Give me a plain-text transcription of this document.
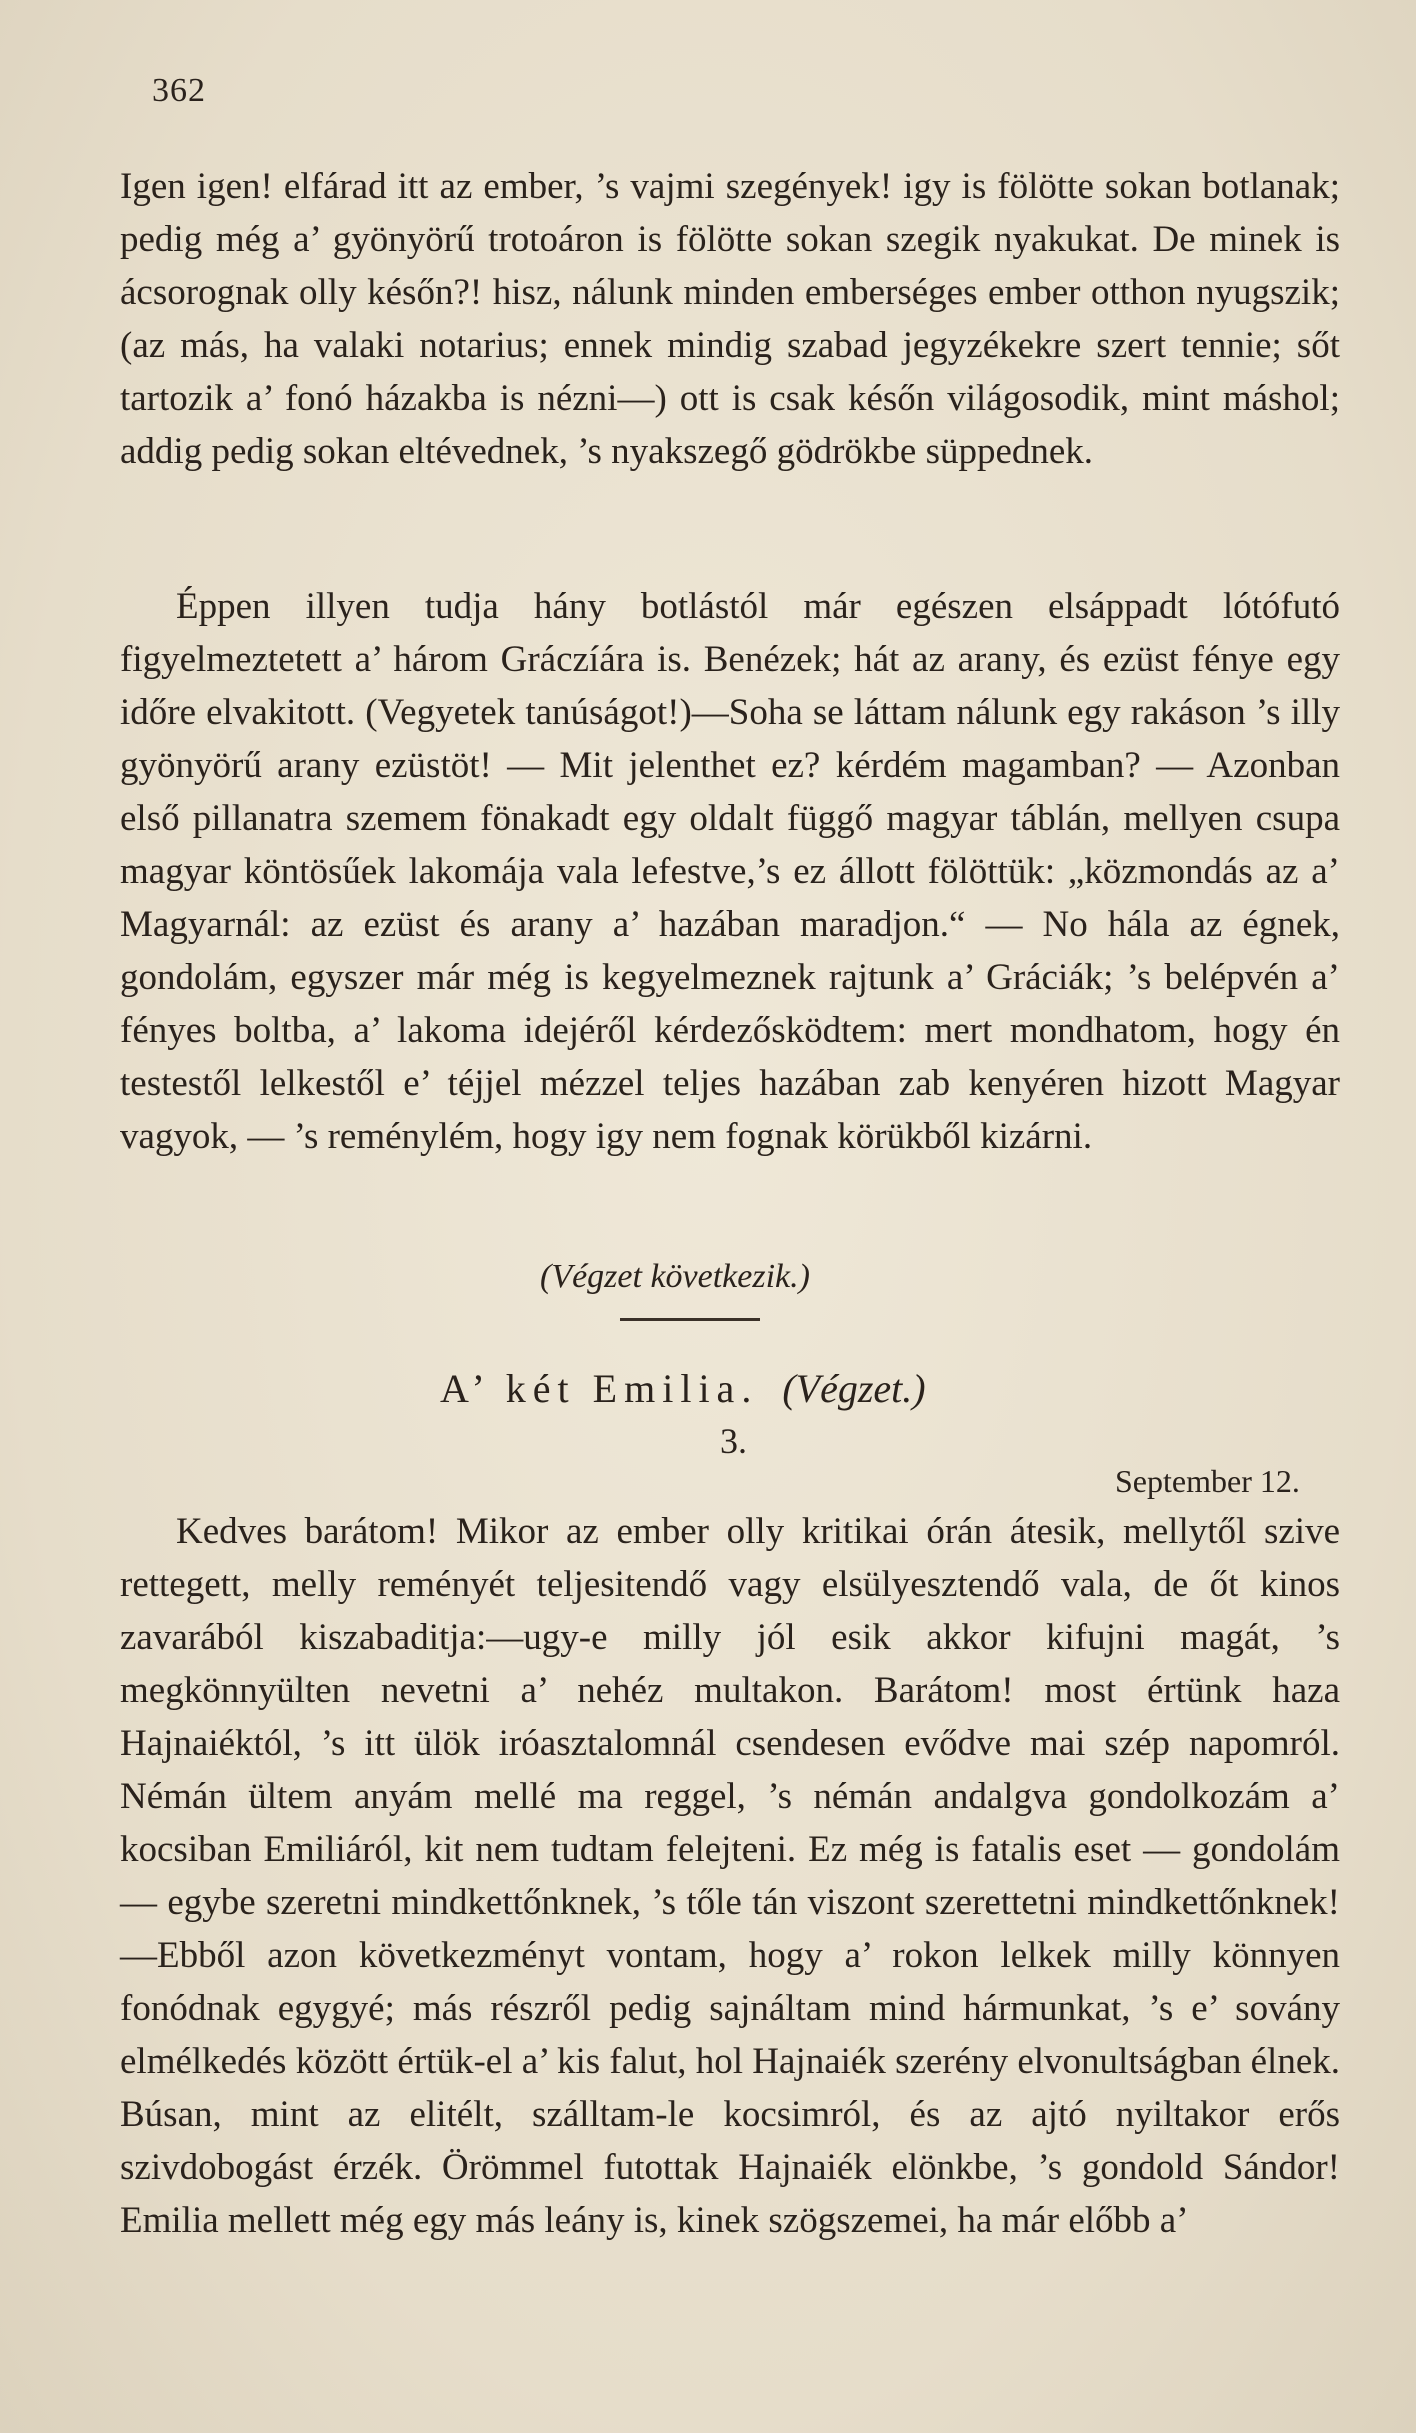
362

Igen igen! elfárad itt az ember, ’s vajmi szegények! igy is fölötte sokan botlanak; pedig még a’ gyönyörű trotoáron is fölötte sokan szegik nyakukat. De minek is ácsorognak olly későn?! hisz, nálunk minden emberséges ember otthon nyugszik; (az más, ha valaki notarius; ennek mindig szabad jegyzékekre szert tennie; sőt tartozik a’ fonó házakba is nézni—) ott is csak későn világosodik, mint máshol; addig pedig sokan eltévednek, ’s nyakszegő gödrökbe süppednek.

Éppen illyen tudja hány botlástól már egészen elsáppadt lótófutó figyelmeztetett a’ három Gráczíára is. Benézek; hát az arany, és ezüst fénye egy időre elvakitott. (Vegyetek tanúságot!)—Soha se láttam nálunk egy rakáson ’s illy gyönyörű arany ezüstöt! — Mit jelenthet ez? kérdém magamban? — Azonban első pillanatra szemem fönakadt egy oldalt függő magyar táblán, mellyen csupa magyar köntösűek lakomája vala lefestve,’s ez állott fölöttük: „közmondás az a’ Magyarnál: az ezüst és arany a’ hazában maradjon.“ — No hála az égnek, gondolám, egyszer már még is kegyelmeznek rajtunk a’ Gráciák; ’s belépvén a’ fényes boltba, a’ lakoma idejéről kérdezősködtem: mert mondhatom, hogy én testestől lelkestől e’ téjjel mézzel teljes hazában zab kenyéren hizott Magyar vagyok, — ’s reménylém, hogy igy nem fognak körükből kizárni.

(Végzet következik.)
A’ két Emilia. (Végzet.)
3.
September 12.

Kedves barátom! Mikor az ember olly kritikai órán átesik, mellytől szive rettegett, melly reményét teljesitendő vagy elsülyesztendő vala, de őt kinos zavarából kiszabaditja:—ugy-e milly jól esik akkor kifujni magát, ’s megkönnyülten nevetni a’ nehéz multakon. Barátom! most értünk haza Hajnaiéktól, ’s itt ülök iróasztalomnál csendesen evődve mai szép napomról. Némán ültem anyám mellé ma reggel, ’s némán andalgva gondolkozám a’ kocsiban Emiliáról, kit nem tudtam felejteni. Ez még is fatalis eset — gondolám — egybe szeretni mindkettőnknek, ’s tőle tán viszont szerettetni mindkettőnknek!—Ebből azon következményt vontam, hogy a’ rokon lelkek milly könnyen fonódnak egygyé; más részről pedig sajnáltam mind hármunkat, ’s e’ sovány elmélkedés között értük-el a’ kis falut, hol Hajnaiék szerény elvonultságban élnek. Búsan, mint az elitélt, szálltam-le kocsimról, és az ajtó nyiltakor erős szivdobogást érzék. Örömmel futottak Hajnaiék elönkbe, ’s gondold Sándor! Emilia mellett még egy más leány is, kinek szögszemei, ha már előbb a’
